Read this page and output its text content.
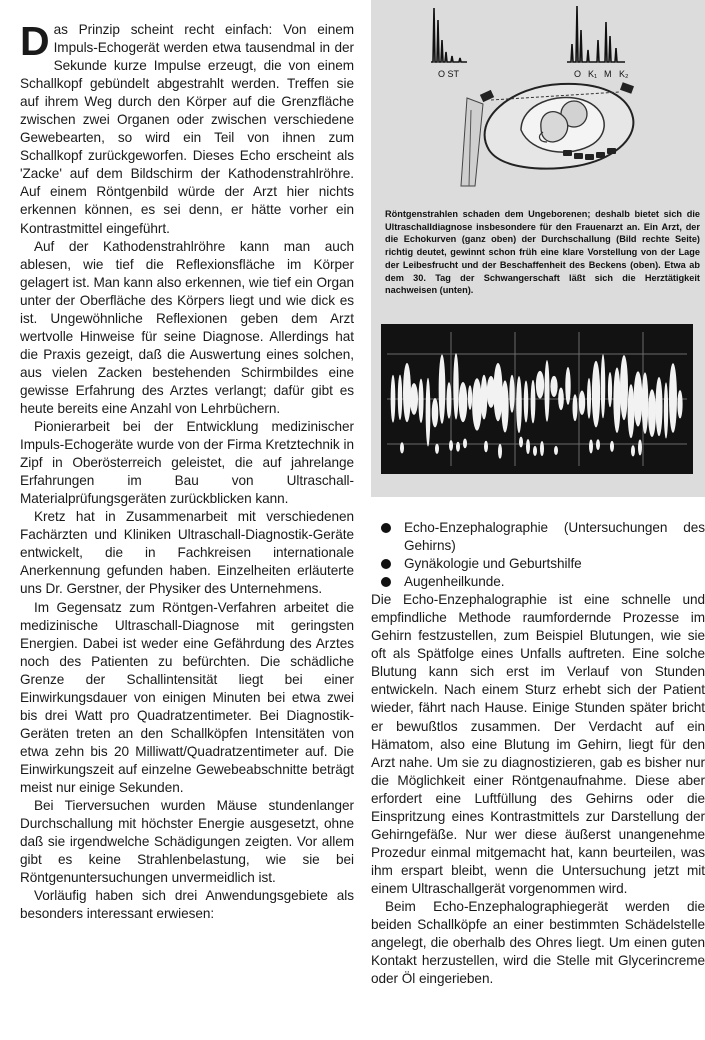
Das Prinzip scheint recht einfach: Von einem Impuls-Echogerät werden etwa tausendmal in der Sekunde kurze Impulse erzeugt, die von einem Schallkopf gebündelt abgestrahlt werden. Treffen sie auf ihrem Weg durch den Körper auf die Grenzfläche zwischen zwei Organen oder zwischen verschiedene Gewebearten, so wird ein Teil von ihnen zum Schallkopf zurückgeworfen. Dieses Echo erscheint als 'Zacke' auf dem Bildschirm der Kathodenstrahlröhre. Auf einem Röntgenbild würde der Arzt hier nichts erkennen können, es sei denn, er hätte vorher ein Kontrastmittel eingeführt.

Auf der Kathodenstrahlröhre kann man auch ablesen, wie tief die Reflexionsfläche im Körper gelagert ist. Man kann also erkennen, wie tief ein Organ unter der Oberfläche des Körpers liegt und wie dick es ist. Ungewöhnliche Reflexionen geben dem Arzt wertvolle Hinweise für seine Diagnose. Allerdings hat die Praxis gezeigt, daß die Auswertung eines solchen, aus vielen Zacken bestehenden Schirmbildes eine gewisse Erfahrung des Arztes verlangt; dafür gibt es heute bereits eine Anzahl von Lehrbüchern.

Pionierarbeit bei der Entwicklung medizinischer Impuls-Echogeräte wurde von der Firma Kretztechnik in Zipf in Oberösterreich geleistet, die auf jahrelange Erfahrungen im Bau von Ultraschall-Materialprüfungsgeräten zurückblicken kann.

Kretz hat in Zusammenarbeit mit verschiedenen Fachärzten und Kliniken Ultraschall-Diagnostik-Geräte entwickelt, die in Fachkreisen internationale Anerkennung gefunden haben. Einzelheiten erläuterte uns Dr. Gerstner, der Physiker des Unternehmens.

Im Gegensatz zum Röntgen-Verfahren arbeitet die medizinische Ultraschall-Diagnose mit geringsten Energien. Dabei ist weder eine Gefährdung des Arztes noch des Patienten zu befürchten. Die schädliche Grenze der Schallintensität liegt bei einer Einwirkungsdauer von einigen Minuten bei etwa zwei bis drei Watt pro Quadratzentimeter. Bei Diagnostik-Geräten treten an den Schallköpfen Intensitäten von etwa zehn bis 20 Milliwatt/Quadratzentimeter auf. Die Einwirkungszeit auf einzelne Gewebeabschnitte beträgt meist nur einige Sekunden.

Bei Tierversuchen wurden Mäuse stundenlanger Durchschallung mit höchster Energie ausgesetzt, ohne daß sie irgendwelche Schädigungen zeigten. Vor allem gibt es keine Strahlenbelastung, wie sie bei Röntgenuntersuchungen unvermeidlich ist.

Vorläufig haben sich drei Anwendungsgebiete als besonders interessant erwiesen:

O ST	O K₁ M K₂
Röntgenstrahlen schaden dem Ungeborenen; deshalb bietet sich die Ultraschalldiagnose insbesondere für den Frauenarzt an. Ein Arzt, der die Echokurven (ganz oben) der Durchschallung (Bild rechte Seite) richtig deutet, gewinnt schon früh eine klare Vorstellung von der Lage der Leibesfrucht und der Beschaffenheit des Beckens (oben). Etwa ab dem 30. Tag der Schwangerschaft läßt sich die Herztätigkeit nachweisen (unten).
Echo-Enzephalographie (Untersuchungen des Gehirns)
Gynäkologie und Geburtshilfe
Augenheilkunde.

Die Echo-Enzephalographie ist eine schnelle und empfindliche Methode raumfordernde Prozesse im Gehirn festzustellen, zum Beispiel Blutungen, wie sie oft als Spätfolge eines Unfalls auftreten. Eine solche Blutung kann sich erst im Verlauf von Stunden entwickeln. Nach einem Sturz erhebt sich der Patient wieder, fährt nach Hause. Einige Stunden später bricht er bewußtlos zusammen. Der Verdacht auf ein Hämatom, also eine Blutung im Gehirn, liegt für den Arzt nahe. Um sie zu diagnostizieren, gab es bisher nur die Möglichkeit einer Röntgenaufnahme. Diese aber erfordert eine Luftfüllung des Gehirns oder die Einspritzung eines Kontrastmittels zur Darstellung der Gehirngefäße. Nur wer diese äußerst unangenehme Prozedur einmal mitgemacht hat, kann beurteilen, was ihm erspart bleibt, wenn die Untersuchung jetzt mit einem Ultraschallgerät vorgenommen wird.

Beim Echo-Enzephalographiegerät werden die beiden Schallköpfe an einer bestimmten Schädelstelle angelegt, die oberhalb des Ohres liegt. Um einen guten Kontakt herzustellen, wird die Stelle mit Glycerincreme oder Öl eingerieben.
